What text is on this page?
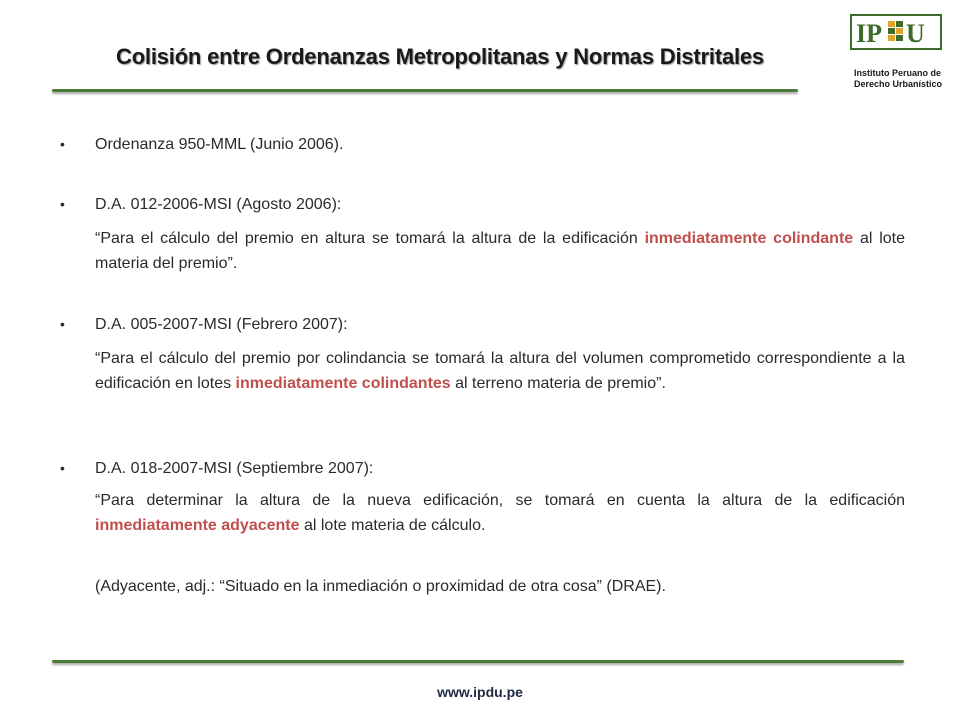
Colisión entre Ordenanzas Metropolitanas y Normas Distritales
IP U
Instituto Peruano de
Derecho Urbanístico
• Ordenanza 950-MML (Junio 2006).
• D.A. 012-2006-MSI (Agosto 2006):
“Para el cálculo del premio en altura se tomará la altura de la edificación inmediatamente colindante al lote materia del premio”.
• D.A. 005-2007-MSI (Febrero 2007):
“Para el cálculo del premio por colindancia se tomará la altura del volumen comprometido correspondiente a la edificación en lotes inmediatamente colindantes al terreno materia de premio”.
• D.A. 018-2007-MSI (Septiembre 2007):
“Para determinar la altura de la nueva edificación, se tomará en cuenta la altura de la edificación inmediatamente adyacente al lote materia de cálculo.
(Adyacente, adj.: “Situado en la inmediación o proximidad de otra cosa” (DRAE).
www.ipdu.pe
